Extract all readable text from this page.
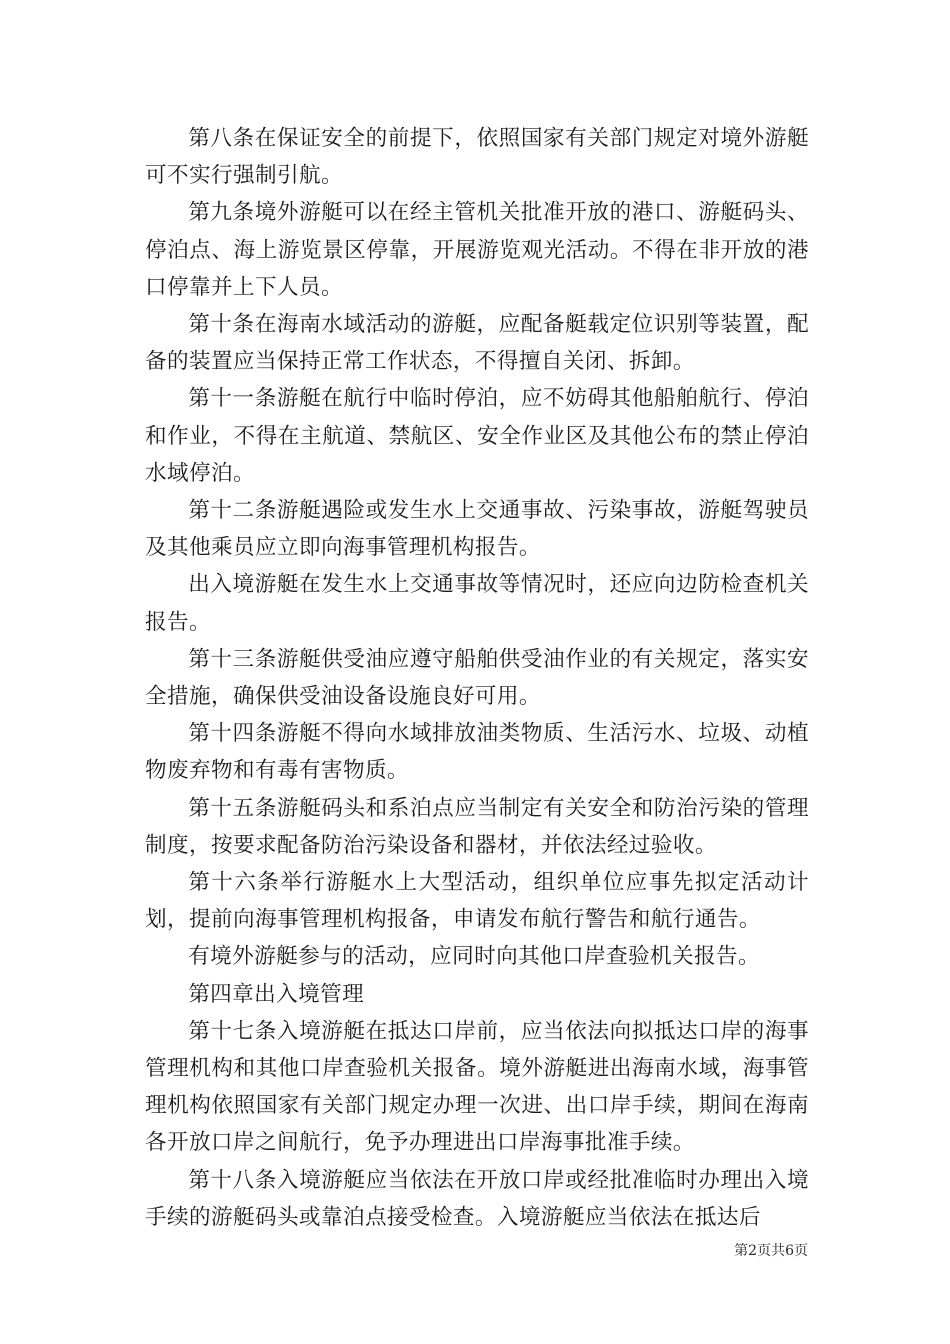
第八条在保证安全的前提下，依照国家有关部门规定对境外游艇可不实行强制引航。

第九条境外游艇可以在经主管机关批准开放的港口、游艇码头、停泊点、海上游览景区停靠，开展游览观光活动。不得在非开放的港口停靠并上下人员。

第十条在海南水域活动的游艇，应配备艇载定位识别等装置，配备的装置应当保持正常工作状态，不得擅自关闭、拆卸。

第十一条游艇在航行中临时停泊，应不妨碍其他船舶航行、停泊和作业，不得在主航道、禁航区、安全作业区及其他公布的禁止停泊水域停泊。

第十二条游艇遇险或发生水上交通事故、污染事故，游艇驾驶员及其他乘员应立即向海事管理机构报告。

出入境游艇在发生水上交通事故等情况时，还应向边防检查机关报告。

第十三条游艇供受油应遵守船舶供受油作业的有关规定，落实安全措施，确保供受油设备设施良好可用。

第十四条游艇不得向水域排放油类物质、生活污水、垃圾、动植物废弃物和有毒有害物质。

第十五条游艇码头和系泊点应当制定有关安全和防治污染的管理制度，按要求配备防治污染设备和器材，并依法经过验收。

第十六条举行游艇水上大型活动，组织单位应事先拟定活动计划，提前向海事管理机构报备，申请发布航行警告和航行通告。

有境外游艇参与的活动，应同时向其他口岸查验机关报告。

第四章出入境管理

第十七条入境游艇在抵达口岸前，应当依法向拟抵达口岸的海事管理机构和其他口岸查验机关报备。境外游艇进出海南水域，海事管理机构依照国家有关部门规定办理一次进、出口岸手续，期间在海南各开放口岸之间航行，免予办理进出口岸海事批准手续。

第十八条入境游艇应当依法在开放口岸或经批准临时办理出入境手续的游艇码头或靠泊点接受检查。入境游艇应当依法在抵达后

第2页共6页
